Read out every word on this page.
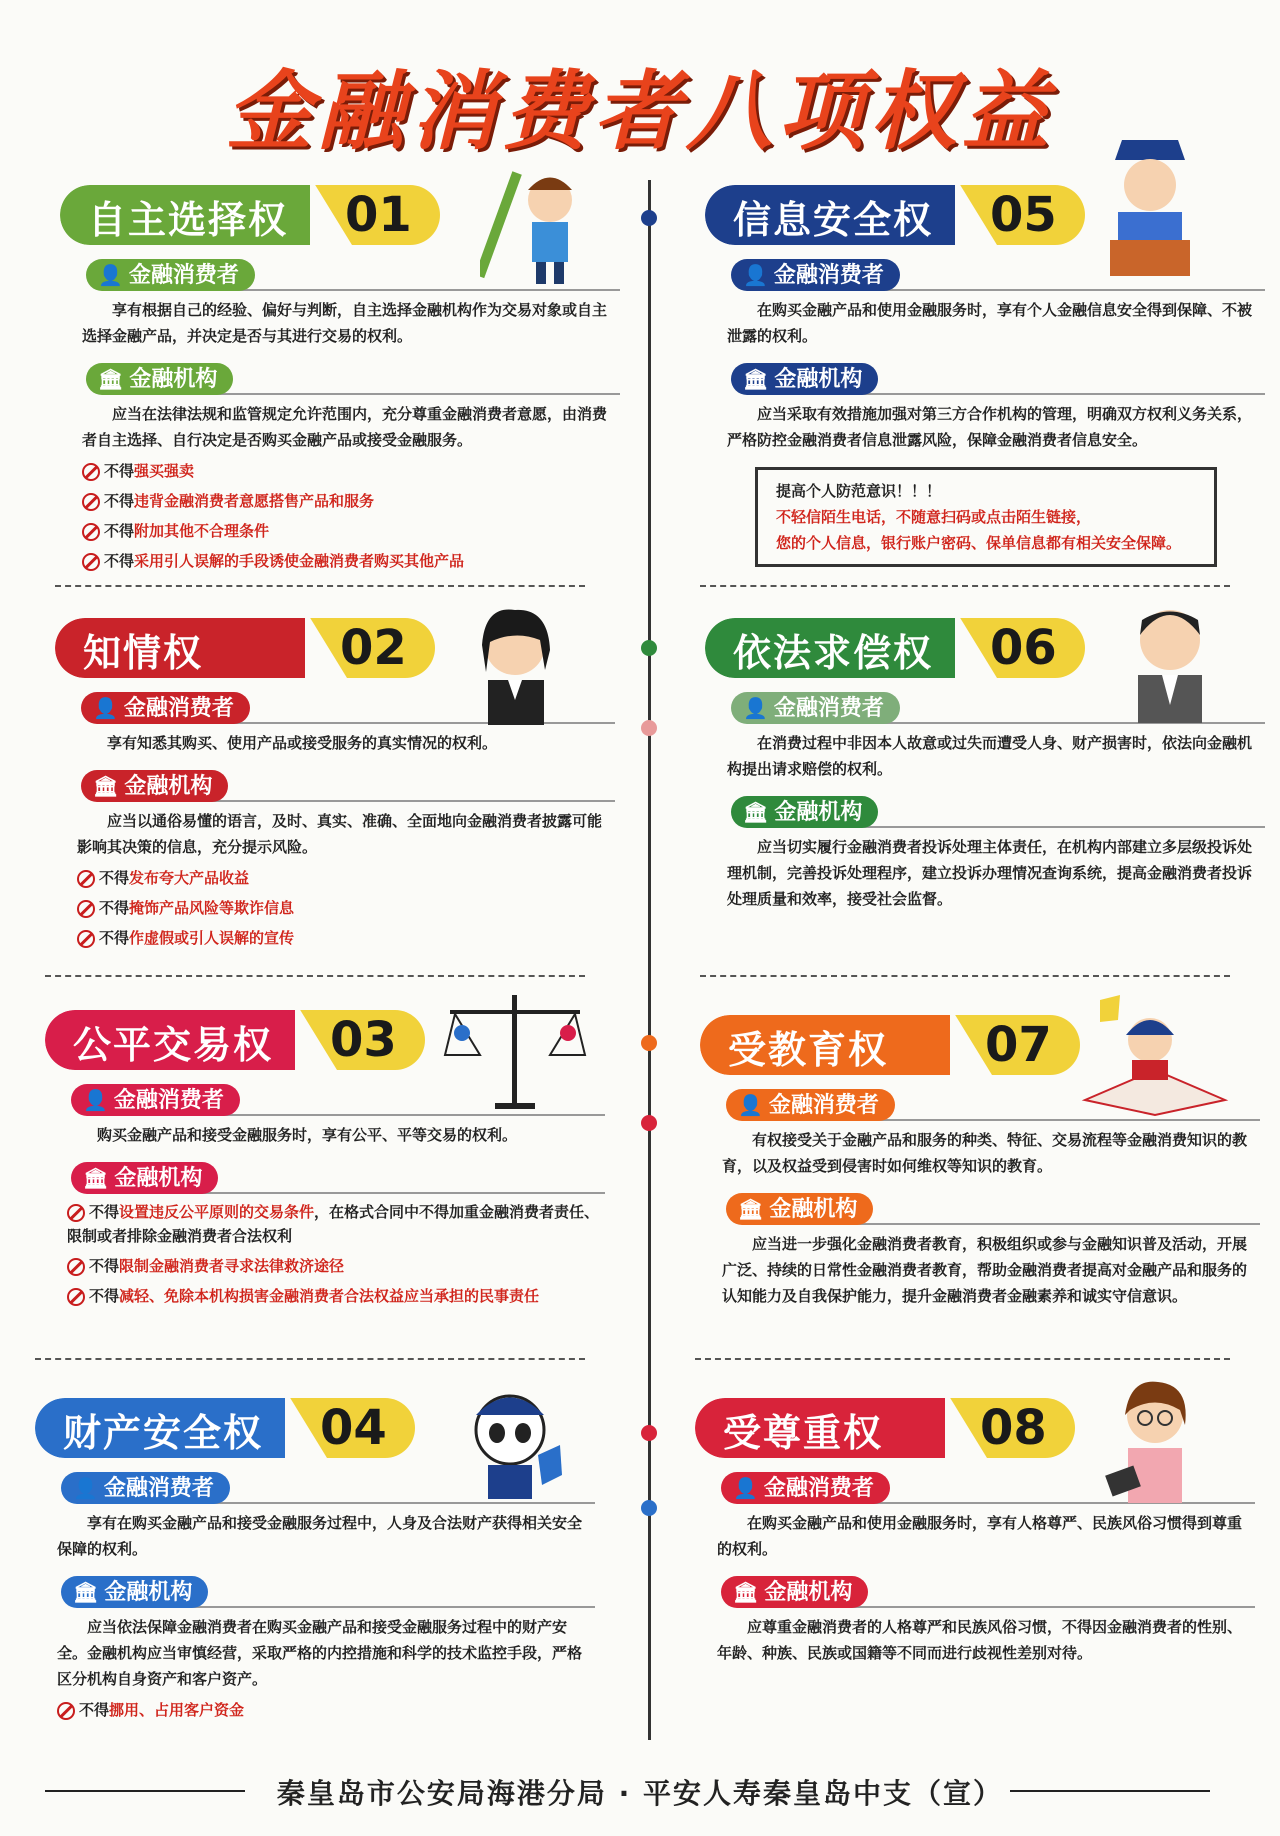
金融消费者八项权益
自主选择权 01
👤 金融消费者
享有根据自己的经验、偏好与判断，自主选择金融机构作为交易对象或自主选择金融产品，并决定是否与其进行交易的权利。
🏛 金融机构
应当在法律法规和监管规定允许范围内，充分尊重金融消费者意愿，由消费者自主选择、自行决定是否购买金融产品或接受金融服务。
不得强买强卖
不得违背金融消费者意愿搭售产品和服务
不得附加其他不合理条件
不得采用引人误解的手段诱使金融消费者购买其他产品
知情权	02
👤 金融消费者
享有知悉其购买、使用产品或接受服务的真实情况的权利。
🏛 金融机构
应当以通俗易懂的语言，及时、真实、准确、全面地向金融消费者披露可能影响其决策的信息，充分提示风险。
不得发布夸大产品收益
不得掩饰产品风险等欺诈信息
不得作虚假或引人误解的宣传
公平交易权 03
👤 金融消费者
购买金融产品和接受金融服务时，享有公平、平等交易的权利。
🏛 金融机构
不得设置违反公平原则的交易条件，在格式合同中不得加重金融消费者责任、限制或者排除金融消费者合法权利
不得限制金融消费者寻求法律救济途径
不得减轻、免除本机构损害金融消费者合法权益应当承担的民事责任
财产安全权 04
👤 金融消费者
享有在购买金融产品和接受金融服务过程中，人身及合法财产获得相关安全保障的权利。
🏛 金融机构
应当依法保障金融消费者在购买金融产品和接受金融服务过程中的财产安全。金融机构应当审慎经营，采取严格的内控措施和科学的技术监控手段，严格区分机构自身资产和客户资产。
不得挪用、占用客户资金
信息安全权 05
👤 金融消费者
在购买金融产品和使用金融服务时，享有个人金融信息安全得到保障、不被泄露的权利。
🏛 金融机构
应当采取有效措施加强对第三方合作机构的管理，明确双方权利义务关系，严格防控金融消费者信息泄露风险，保障金融消费者信息安全。
提高个人防范意识！！！
不轻信陌生电话，不随意扫码或点击陌生链接，
您的个人信息，银行账户密码、保单信息都有相关安全保障。
依法求偿权 06
👤 金融消费者
在消费过程中非因本人故意或过失而遭受人身、财产损害时，依法向金融机构提出请求赔偿的权利。
🏛 金融机构
应当切实履行金融消费者投诉处理主体责任，在机构内部建立多层级投诉处理机制，完善投诉处理程序，建立投诉办理情况查询系统，提高金融消费者投诉处理质量和效率，接受社会监督。
受教育权 07
👤 金融消费者
有权接受关于金融产品和服务的种类、特征、交易流程等金融消费知识的教育，以及权益受到侵害时如何维权等知识的教育。
🏛 金融机构
应当进一步强化金融消费者教育，积极组织或参与金融知识普及活动，开展广泛、持续的日常性金融消费者教育，帮助金融消费者提高对金融产品和服务的认知能力及自我保护能力，提升金融消费者金融素养和诚实守信意识。
受尊重权 08
👤 金融消费者
在购买金融产品和使用金融服务时，享有人格尊严、民族风俗习惯得到尊重的权利。
🏛 金融机构
应尊重金融消费者的人格尊严和民族风俗习惯，不得因金融消费者的性别、年龄、种族、民族或国籍等不同而进行歧视性差别对待。
秦皇岛市公安局海港分局 · 平安人寿秦皇岛中支（宣）
